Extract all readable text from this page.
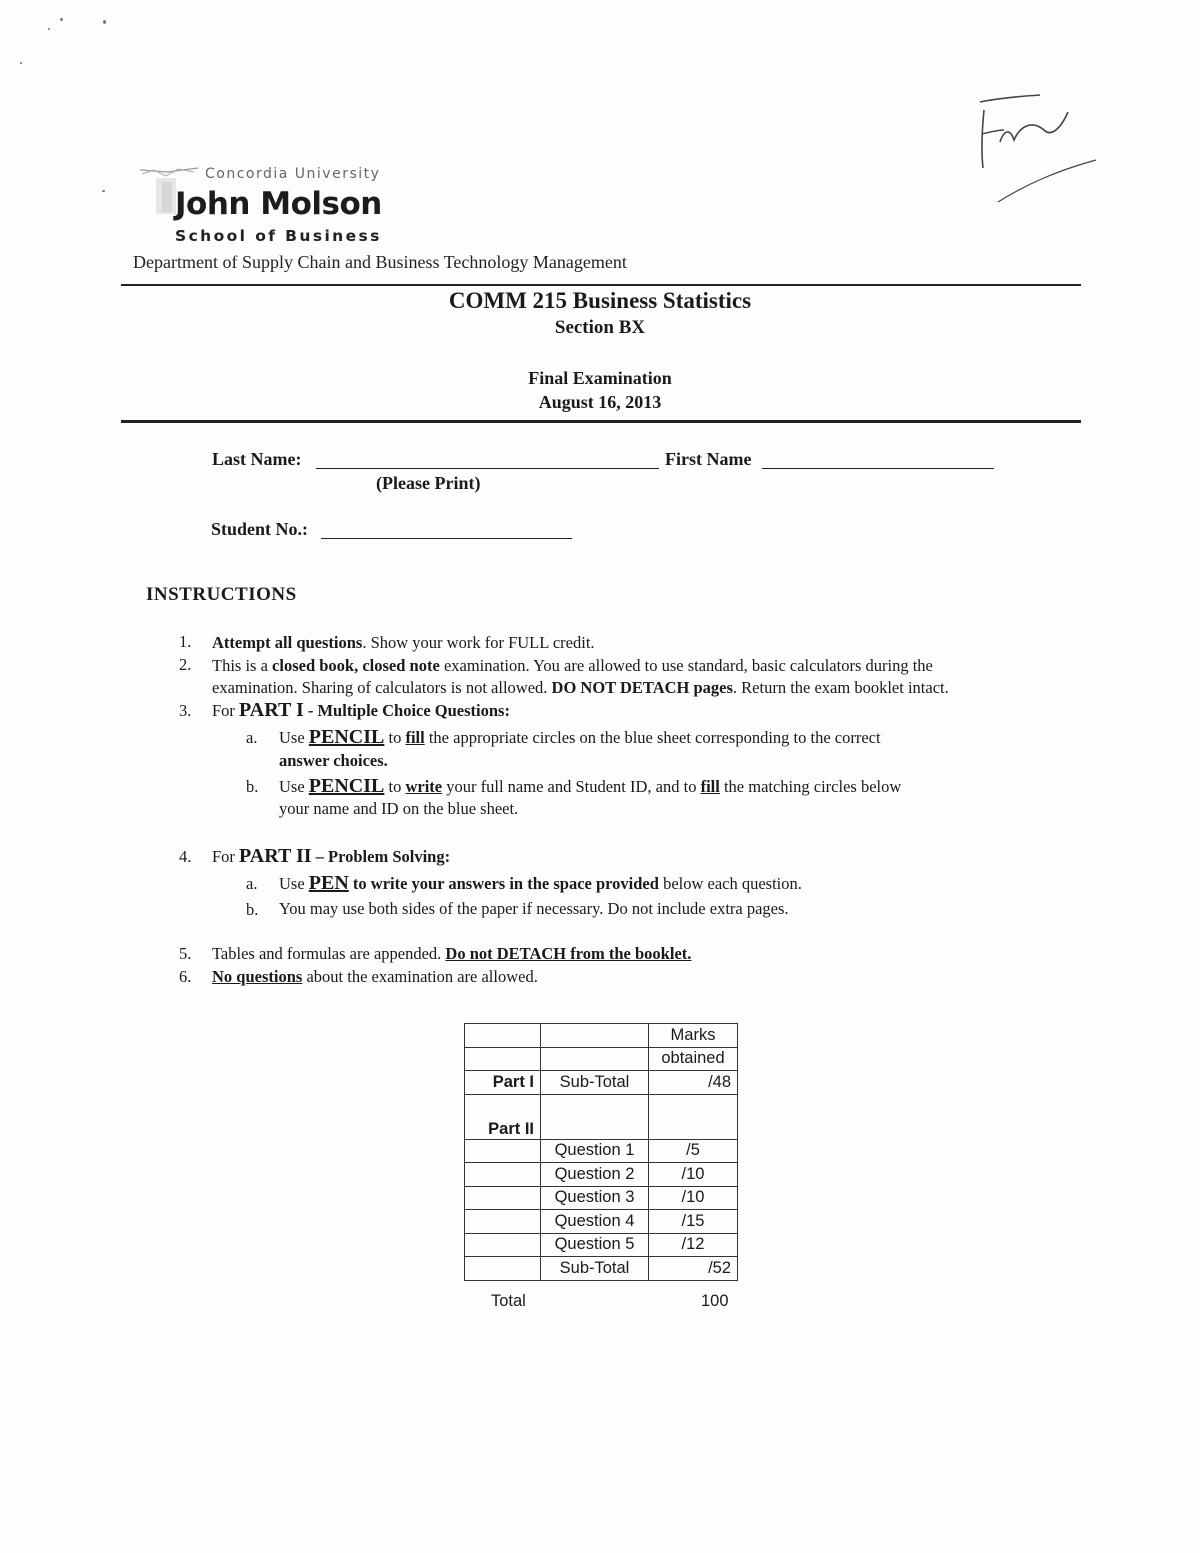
Concordia University
John Molson
School of Business
Department of Supply Chain and Business Technology Management
COMM 215 Business Statistics
Section BX
Final Examination
August 16, 2013
Last Name:
(Please Print)
First Name
Student No.:
INSTRUCTIONS
1. Attempt all questions. Show your work for FULL credit.
2. This is a closed book, closed note examination. You are allowed to use standard, basic calculators during the
examination. Sharing of calculators is not allowed. DO NOT DETACH pages. Return the exam booklet intact.
3. For PART I - Multiple Choice Questions:
a. Use PENCIL to fill the appropriate circles on the blue sheet corresponding to the correct
answer choices.
b. Use PENCIL to write your full name and Student ID, and to fill the matching circles below
your name and ID on the blue sheet.
4. For PART II – Problem Solving:
a. Use PEN to write your answers in the space provided below each question.
b. You may use both sides of the paper if necessary. Do not include extra pages.
5. Tables and formulas are appended. Do not DETACH from the booklet.
6. No questions about the examination are allowed.
		Marks
		obtained
Part I	Sub-Total	/48
Part II		
	Question 1	/5
	Question 2	/10
	Question 3	/10
	Question 4	/15
	Question 5	/12
	Sub-Total	/52
Total	100
